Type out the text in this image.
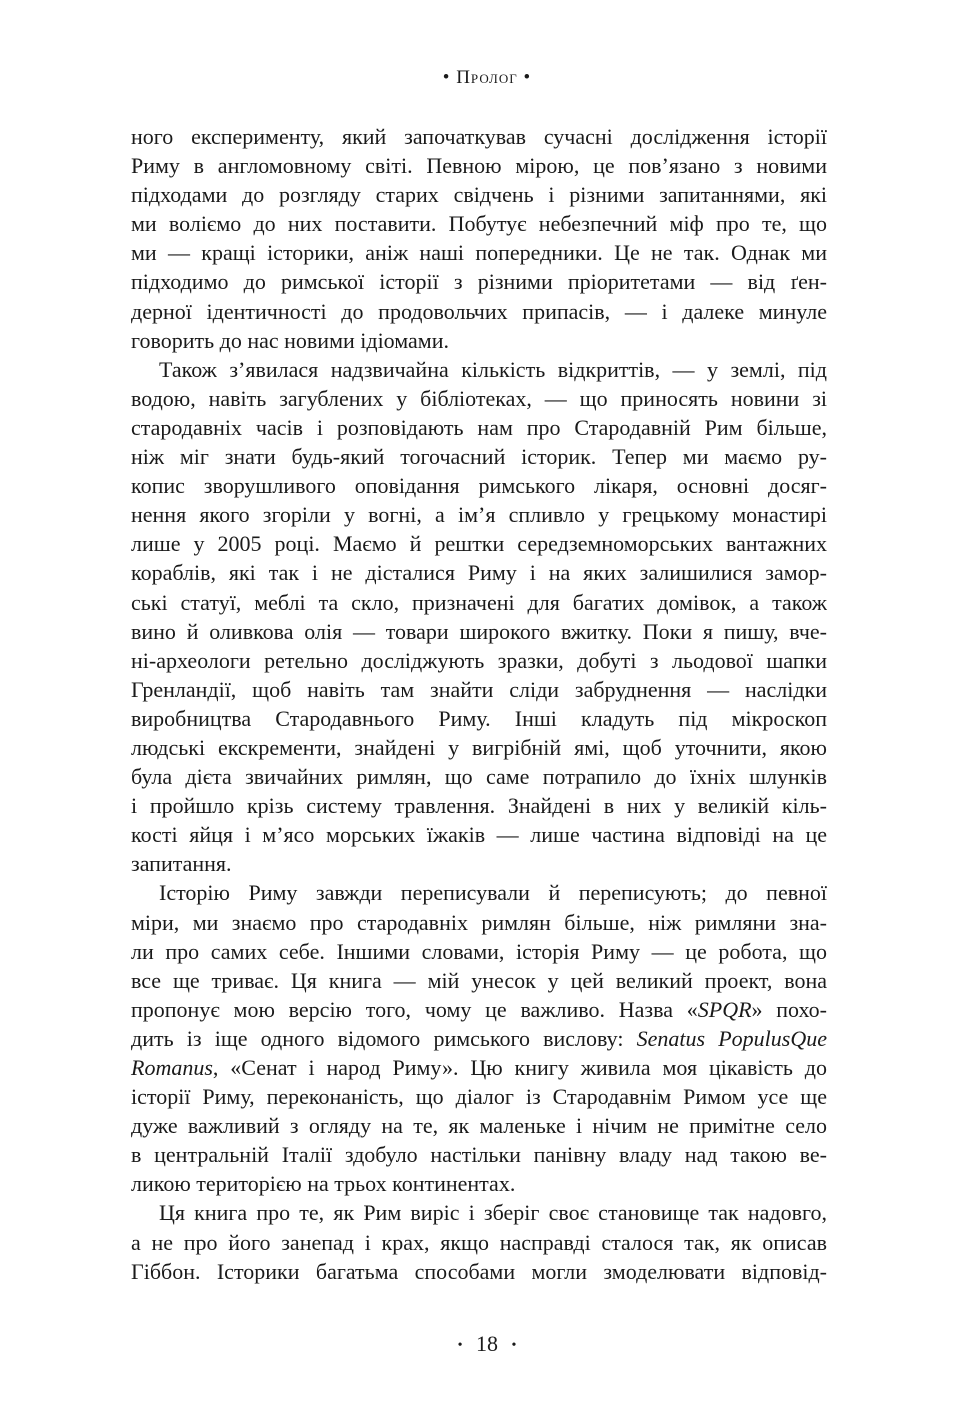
• Пролог •

ного експерименту, який започаткував сучасні дослідження історії
Риму в англомовному світі. Певною мірою, це пов’язано з новими
підходами до розгляду старих свідчень і різними запитаннями, які
ми воліємо до них поставити. Побутує небезпечний міф про те, що
ми — кращі історики, аніж наші попередники. Це не так. Однак ми
підходимо до римської історії з різними пріоритетами — від ґен-
дерної ідентичності до продовольчих припасів, — і далеке минуле
говорить до нас новими ідіомами.

Також з’явилася надзвичайна кількість відкриттів, — у землі, під
водою, навіть загублених у бібліотеках, — що приносять новини зі
стародавніх часів і розповідають нам про Стародавній Рим більше,
ніж міг знати будь-який тогочасний історик. Тепер ми маємо ру-
копис зворушливого оповідання римського лікаря, основні досяг-
нення якого згоріли у вогні, а ім’я спливло у грецькому монастирі
лише у 2005 році. Маємо й рештки середземноморських вантажних
кораблів, які так і не дісталися Риму і на яких залишилися замор-
ські статуї, меблі та скло, призначені для багатих домівок, а також
вино й оливкова олія — товари широкого вжитку. Поки я пишу, вче-
ні-археологи ретельно досліджують зразки, добуті з льодової шапки
Гренландії, щоб навіть там знайти сліди забруднення — наслідки
виробництва Стародавнього Риму. Інші кладуть під мікроскоп
людські екскременти, знайдені у вигрібній ямі, щоб уточнити, якою
була дієта звичайних римлян, що саме потрапило до їхніх шлунків
і пройшло крізь систему травлення. Знайдені в них у великій кіль-
кості яйця і м’ясо морських їжаків — лише частина відповіді на це
запитання.

Історію Риму завжди переписували й переписують; до певної
міри, ми знаємо про стародавніх римлян більше, ніж римляни зна-
ли про самих себе. Іншими словами, історія Риму — це робота, що
все ще триває. Ця книга — мій унесок у цей великий проект, вона
пропонує мою версію того, чому це важливо. Назва «SPQR» похо-
дить із іще одного відомого римського вислову: Senatus PopulusQue
Romanus, «Сенат і народ Риму». Цю книгу живила моя цікавість до
історії Риму, переконаність, що діалог із Стародавнім Римом усе ще
дуже важливий з огляду на те, як маленьке і нічим не примітне село
в центральній Італії здобуло настільки панівну владу над такою ве-
ликою територією на трьох континентах.

Ця книга про те, як Рим виріс і зберіг своє становище так надовго,
а не про його занепад і крах, якщо насправді сталося так, як описав
Гіббон. Історики багатьма способами могли змоделювати відповід-

• 18 •
